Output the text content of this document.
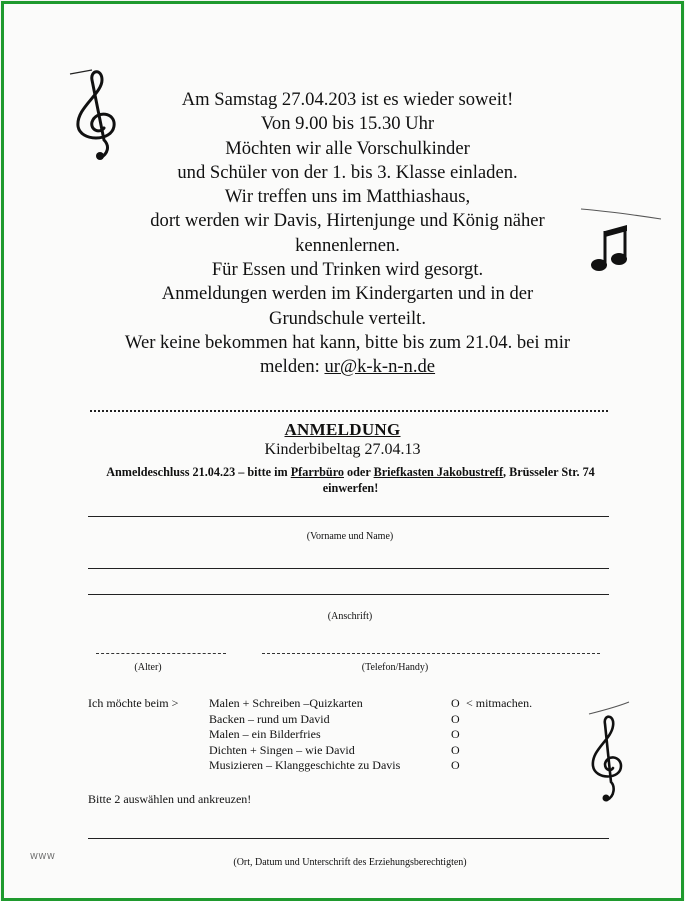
Am Samstag 27.04.203 ist es wieder soweit!
Von 9.00 bis 15.30 Uhr
Möchten wir alle Vorschulkinder
und Schüler von der 1. bis 3. Klasse einladen.
Wir treffen uns im Matthiashaus,
dort werden wir Davis, Hirtenjunge und König näher
kennenlernen.
Für Essen und Trinken wird gesorgt.
Anmeldungen werden im Kindergarten und in der
Grundschule verteilt.
Wer keine bekommen hat kann, bitte bis zum 21.04. bei mir
melden: ur@k-k-n-n.de
ANMELDUNG
Kinderbibeltag 27.04.13
Anmeldeschluss 21.04.23 – bitte im Pfarrbüro oder Briefkasten Jakobustreff, Brüsseler Str. 74 einwerfen!
(Vorname und Name)
(Anschrift)
(Alter)	(Telefon/Handy)
Ich möchte beim >	Malen + Schreiben –Quizkarten
Backen – rund um David
Malen – ein Bilderfries
Dichten + Singen – wie David
Musizieren – Klanggeschichte zu Davis
O
O
O
O
O
< mitmachen.
Bitte 2 auswählen und ankreuzen!
(Ort, Datum und Unterschrift des Erziehungsberechtigten)
WWW
